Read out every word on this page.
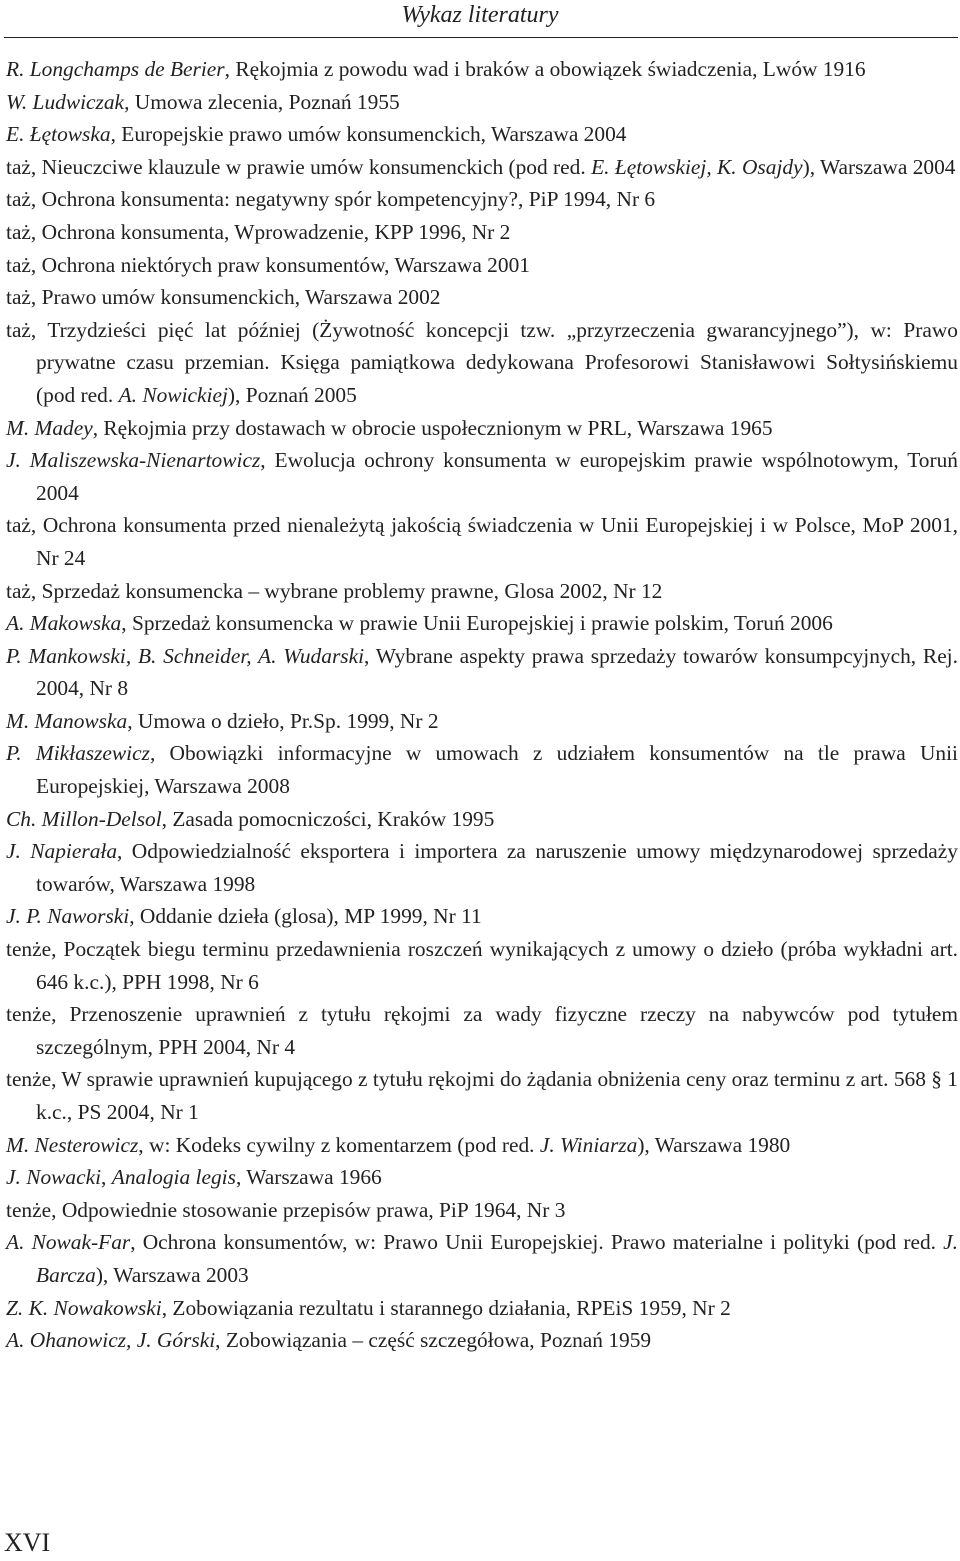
Wykaz literatury
R. Longchamps de Berier, Rękojmia z powodu wad i braków a obowiązek świadczenia, Lwów 1916
W. Ludwiczak, Umowa zlecenia, Poznań 1955
E. Łętowska, Europejskie prawo umów konsumenckich, Warszawa 2004
taż, Nieuczciwe klauzule w prawie umów konsumenckich (pod red. E. Łętowskiej, K. Osajdy), Warszawa 2004
taż, Ochrona konsumenta: negatywny spór kompetencyjny?, PiP 1994, Nr 6
taż, Ochrona konsumenta, Wprowadzenie, KPP 1996, Nr 2
taż, Ochrona niektórych praw konsumentów, Warszawa 2001
taż, Prawo umów konsumenckich, Warszawa 2002
taż, Trzydzieści pięć lat później (Żywotność koncepcji tzw. „przyrzeczenia gwarancyjnego”), w: Prawo prywatne czasu przemian. Księga pamiątkowa dedykowana Profesorowi Stanisławowi Sołtysińskiemu (pod red. A. Nowickiej), Poznań 2005
M. Madey, Rękojmia przy dostawach w obrocie uspołecznionym w PRL, Warszawa 1965
J. Maliszewska-Nienartowicz, Ewolucja ochrony konsumenta w europejskim prawie wspólnotowym, Toruń 2004
taż, Ochrona konsumenta przed nienależytą jakością świadczenia w Unii Europejskiej i w Polsce, MoP 2001, Nr 24
taż, Sprzedaż konsumencka – wybrane problemy prawne, Glosa 2002, Nr 12
A. Makowska, Sprzedaż konsumencka w prawie Unii Europejskiej i prawie polskim, Toruń 2006
P. Mankowski, B. Schneider, A. Wudarski, Wybrane aspekty prawa sprzedaży towarów konsumpcyjnych, Rej. 2004, Nr 8
M. Manowska, Umowa o dzieło, Pr.Sp. 1999, Nr 2
P. Mikłaszewicz, Obowiązki informacyjne w umowach z udziałem konsumentów na tle prawa Unii Europejskiej, Warszawa 2008
Ch. Millon-Delsol, Zasada pomocniczości, Kraków 1995
J. Napierała, Odpowiedzialność eksportera i importera za naruszenie umowy międzynarodowej sprzedaży towarów, Warszawa 1998
J. P. Naworski, Oddanie dzieła (glosa), MP 1999, Nr 11
tenże, Początek biegu terminu przedawnienia roszczeń wynikających z umowy o dzieło (próba wykładni art. 646 k.c.), PPH 1998, Nr 6
tenże, Przenoszenie uprawnień z tytułu rękojmi za wady fizyczne rzeczy na nabywców pod tytułem szczególnym, PPH 2004, Nr 4
tenże, W sprawie uprawnień kupującego z tytułu rękojmi do żądania obniżenia ceny oraz terminu z art. 568 § 1 k.c., PS 2004, Nr 1
M. Nesterowicz, w: Kodeks cywilny z komentarzem (pod red. J. Winiarza), Warszawa 1980
J. Nowacki, Analogia legis, Warszawa 1966
tenże, Odpowiednie stosowanie przepisów prawa, PiP 1964, Nr 3
A. Nowak-Far, Ochrona konsumentów, w: Prawo Unii Europejskiej. Prawo materialne i polityki (pod red. J. Barcza), Warszawa 2003
Z. K. Nowakowski, Zobowiązania rezultatu i starannego działania, RPEiS 1959, Nr 2
A. Ohanowicz, J. Górski, Zobowiązania – część szczegółowa, Poznań 1959
XVI
